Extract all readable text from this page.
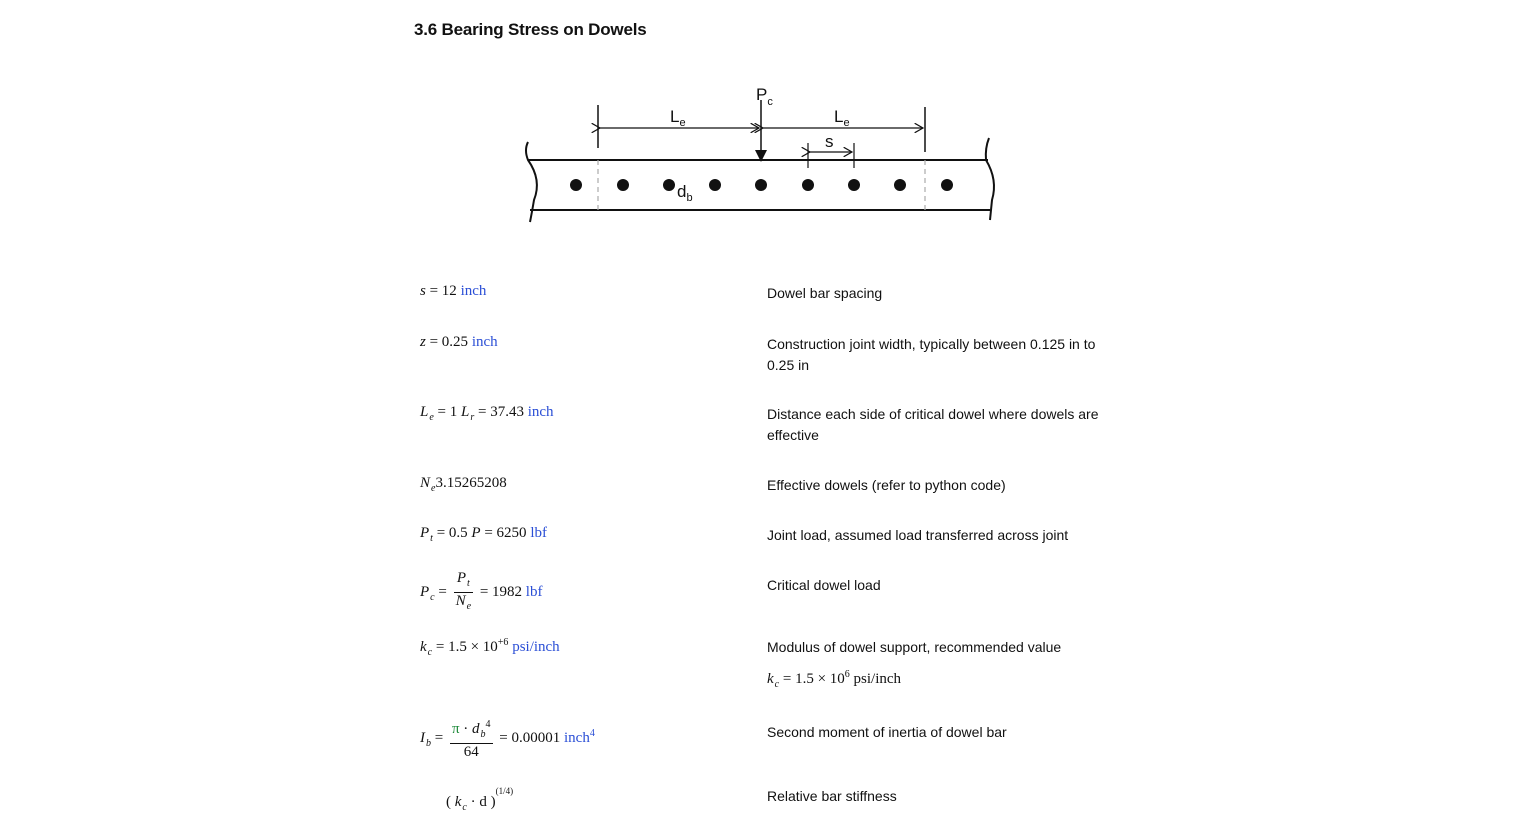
3.6 Bearing Stress on Dowels
$P_c$
$L_e$	$L_e$
s
$d_b$
s = 12 inch	Dowel bar spacing
z = 0.25 inch	Construction joint width, typically between 0.125 in to 0.25 in
$L_e = 1$ $L_r = 37.43$ inch	Distance each side of critical dowel where dowels are effective
$N_e3.15265208$	Effective dowels (refer to python code)
$P_t = 0.5$ P = 6250 lbf	Joint load, assumed load transferred across joint
$P_c = \frac{P_t}{N_e} = 1982$ lbf	Critical dowel load
$k_c = 1.5 \times 10^{+6}$ psi/inch	Modulus of dowel support, recommended value
$k_c = 1.5 \times 10^6$ psi/inch
$I_b = \frac{\pi \cdot d_b^4}{64} = 0.00001$ inch$^4$	Second moment of inertia of dowel bar
( $k_c \cdot d$ )$^{(1/4)}$	Relative bar stiffness
